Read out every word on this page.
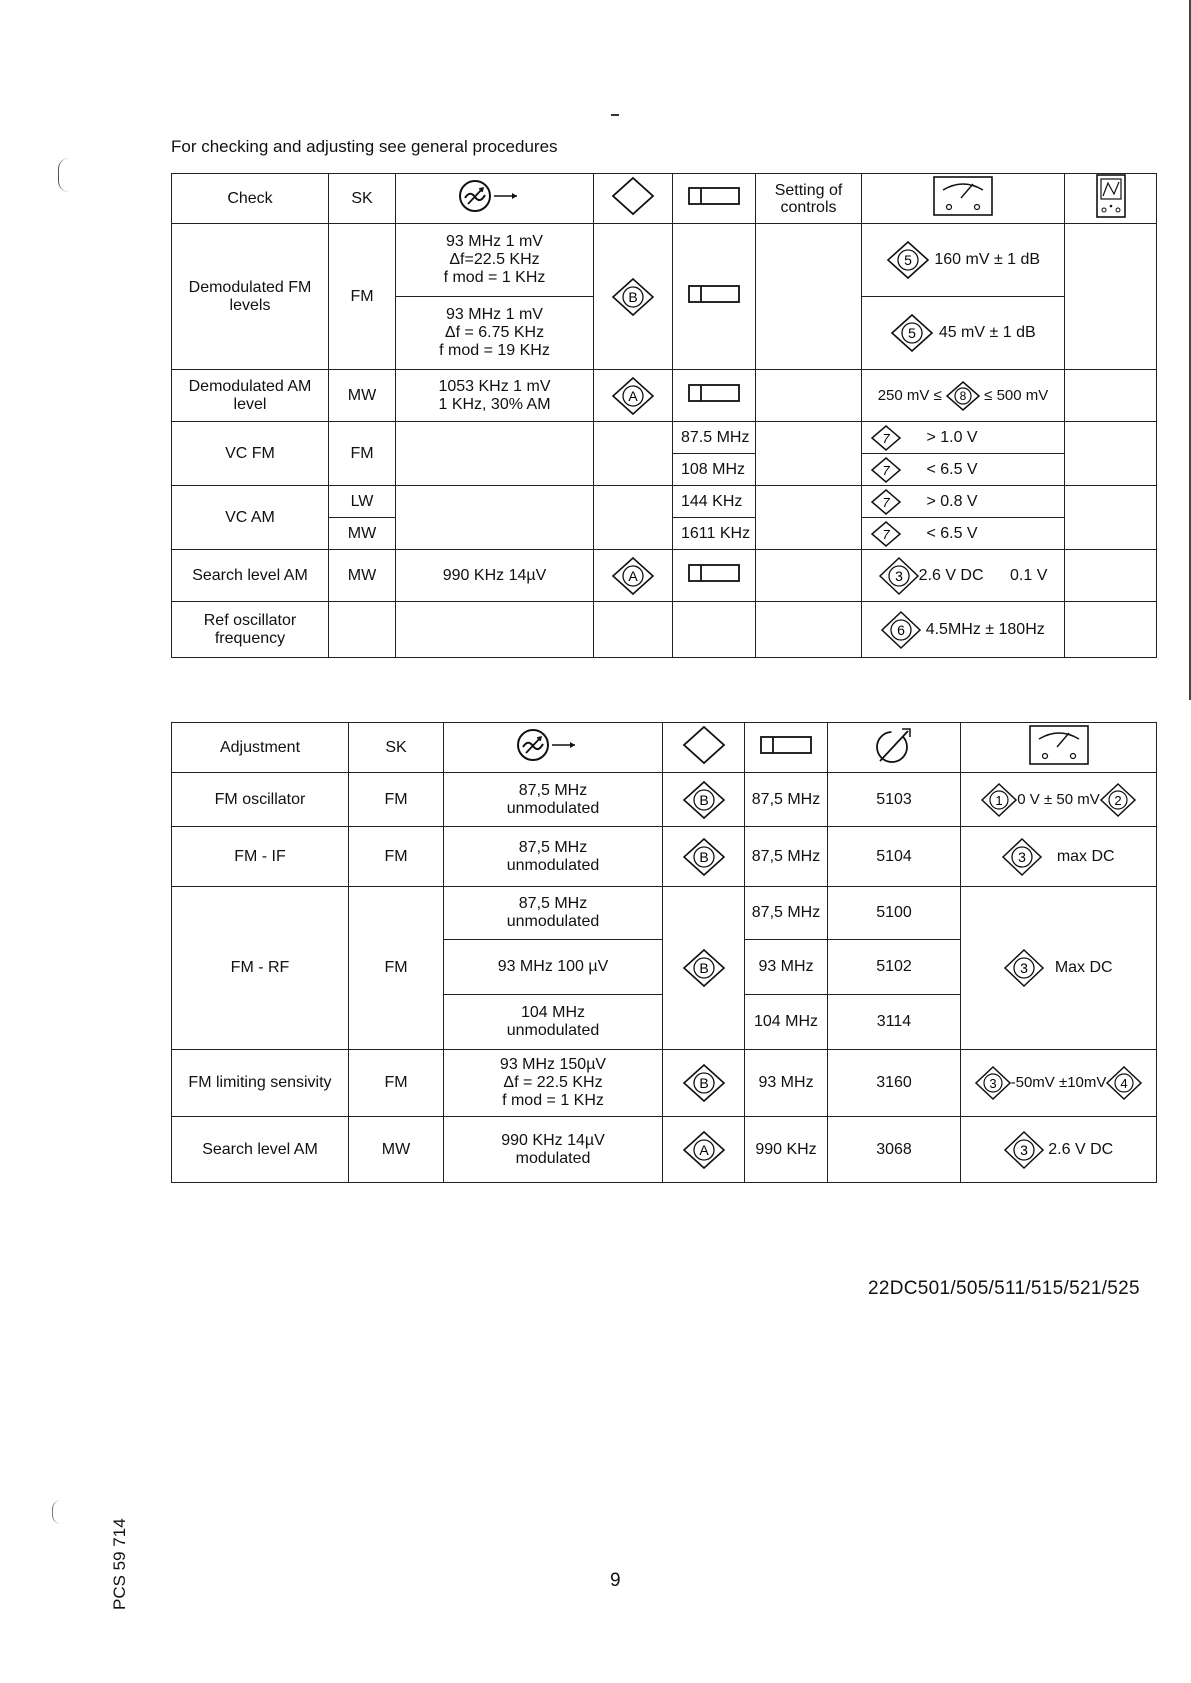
For checking and adjusting see general procedures
Check	SK				Setting of controls		
Demodulated FM levels	FM	93 MHz 1 mV
Δf=22.5 KHz
f mod = 1 KHz	B			5 160 mV ± 1 dB	

		93 MHz 1 mV
Δf = 6.75 KHz
f mod = 19 KHz				5 45 mV ± 1 dB	
Demodulated AM level	MW	1053 KHz 1 mV
1 KHz, 30% AM	A			250 mV ≤ 8 ≤ 500 mV	
VC FM	FM			87.5 MHz		7 > 1.0 V	
				108 MHz		7 < 6.5 V	
VC AM	LW			144 KHz		7 > 0.8 V	
	MW			1611 KHz		7 < 6.5 V	
Search level AM	MW	990 KHz 14µV	A			3 2.6 V DC 0.1 V	
Ref oscillator frequency						6 4.5MHz ± 180Hz	
Adjustment	SK					
FM oscillator	FM	87,5 MHz
unmodulated	B	87,5 MHz	5103	1 0 V ± 50 mV 2

FM - IF	FM	87,5 MHz
unmodulated	B	87,5 MHz	5104	3 max DC
FM - RF	FM	87,5 MHz
unmodulated	B	87,5 MHz	5100	3 Max DC
		93 MHz 100 µV		93 MHz	5102	

		104 MHz
unmodulated		104 MHz	3114	
FM limiting sensivity	FM	93 MHz 150µV
Δf = 22.5 KHz
f mod = 1 KHz	B	93 MHz	3160	3 -50mV ±10mV 4

Search level AM	MW	990 KHz 14µV
modulated	A	990 KHz	3068	3 2.6 V DC
22DC501/505/511/515/521/525
9
PCS 59 714
